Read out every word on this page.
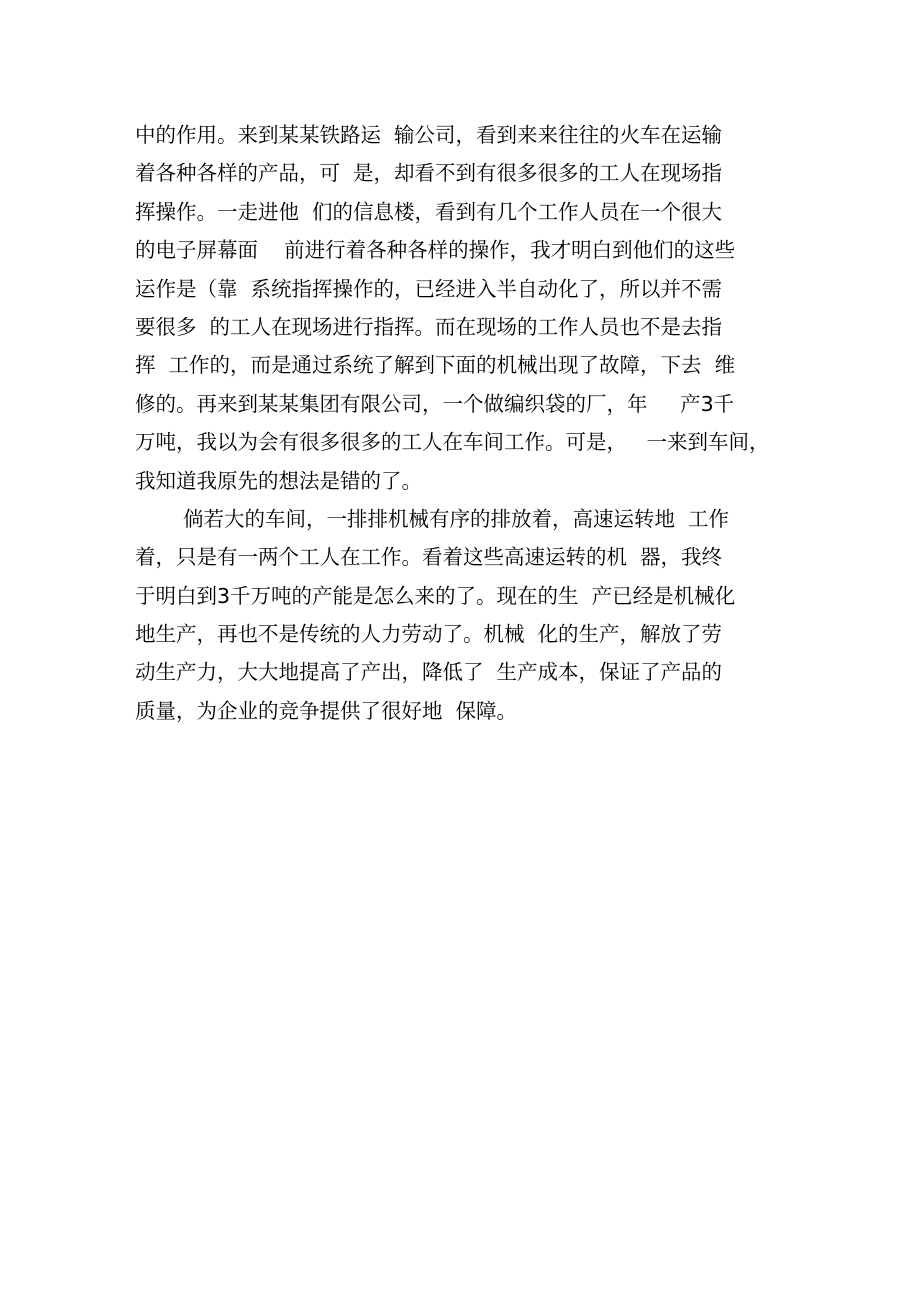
中的作用。来到某某铁路运  输公司，看到来来往往的火车在运输
着各种各样的产品，可  是，却看不到有很多很多的工人在现场指
挥操作。一走进他  们的信息楼，看到有几个工作人员在一个很大
的电子屏幕面    前进行着各种各样的操作，我才明白到他们的这些
运作是（靠  系统指挥操作的，已经进入半自动化了，所以并不需
要很多  的工人在现场进行指挥。而在现场的工作人员也不是去指
挥  工作的，而是通过系统了解到下面的机械出现了故障，下去  维
修的。再来到某某集团有限公司，一个做编织袋的厂，年     产3千
万吨，我以为会有很多很多的工人在车间工作。可是，   一来到车间，
我知道我原先的想法是错的了。
倘若大的车间，一排排机械有序的排放着，高速运转地  工作
着，只是有一两个工人在工作。看着这些高速运转的机  器，我终
于明白到3千万吨的产能是怎么来的了。现在的生  产已经是机械化
地生产，再也不是传统的人力劳动了。机械  化的生产，解放了劳
动生产力，大大地提高了产出，降低了  生产成本，保证了产品的
质量，为企业的竞争提供了很好地  保障。
